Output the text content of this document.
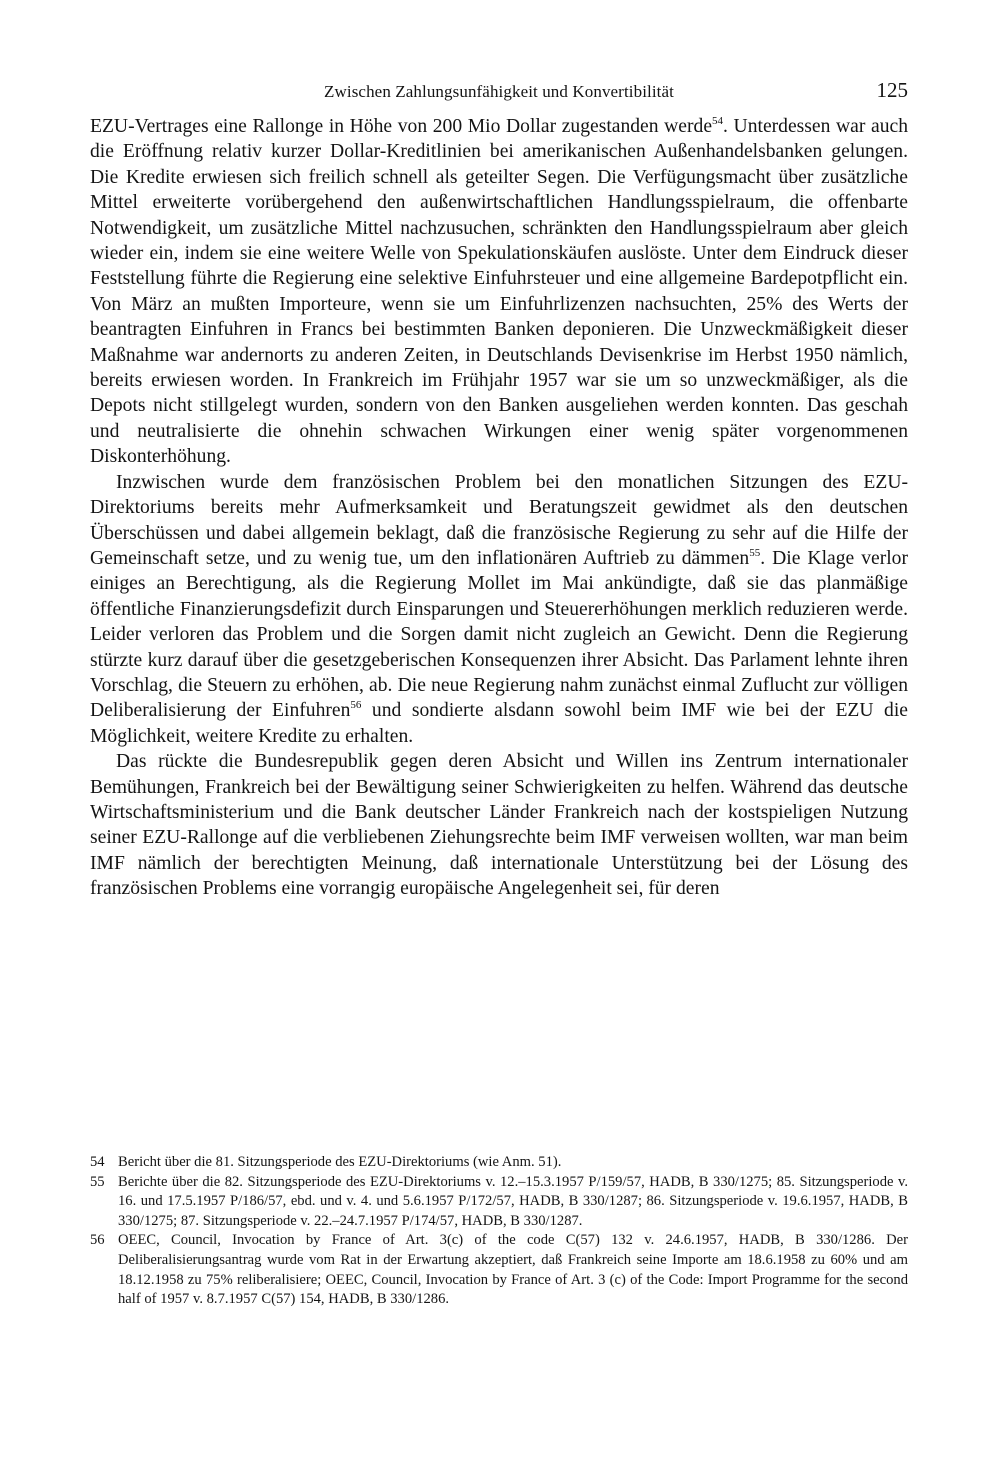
Zwischen Zahlungsunfähigkeit und Konvertibilität	125

EZU-Vertrages eine Rallonge in Höhe von 200 Mio Dollar zugestanden werde$^{54}$. Unterdessen war auch die Eröffnung relativ kurzer Dollar-Kreditlinien bei amerikanischen Außenhandelsbanken gelungen. Die Kredite erwiesen sich freilich schnell als geteilter Segen. Die Verfügungsmacht über zusätzliche Mittel erweiterte vorübergehend den außenwirtschaftlichen Handlungsspielraum, die offenbarte Notwendigkeit, um zusätzliche Mittel nachzusuchen, schränkten den Handlungsspielraum aber gleich wieder ein, indem sie eine weitere Welle von Spekulationskäufen auslöste. Unter dem Eindruck dieser Feststellung führte die Regierung eine selektive Einfuhrsteuer und eine allgemeine Bardepotpflicht ein. Von März an mußten Importeure, wenn sie um Einfuhrlizenzen nachsuchten, 25% des Werts der beantragten Einfuhren in Francs bei bestimmten Banken deponieren. Die Unzweckmäßigkeit dieser Maßnahme war andernorts zu anderen Zeiten, in Deutschlands Devisenkrise im Herbst 1950 nämlich, bereits erwiesen worden. In Frankreich im Frühjahr 1957 war sie um so unzweckmäßiger, als die Depots nicht stillgelegt wurden, sondern von den Banken ausgeliehen werden konnten. Das geschah und neutralisierte die ohnehin schwachen Wirkungen einer wenig später vorgenommenen Diskonterhöhung.

Inzwischen wurde dem französischen Problem bei den monatlichen Sitzungen des EZU-Direktoriums bereits mehr Aufmerksamkeit und Beratungszeit gewidmet als den deutschen Überschüssen und dabei allgemein beklagt, daß die französische Regierung zu sehr auf die Hilfe der Gemeinschaft setze, und zu wenig tue, um den inflationären Auftrieb zu dämmen$^{55}$. Die Klage verlor einiges an Berechtigung, als die Regierung Mollet im Mai ankündigte, daß sie das planmäßige öffentliche Finanzierungsdefizit durch Einsparungen und Steuererhöhungen merklich reduzieren werde. Leider verloren das Problem und die Sorgen damit nicht zugleich an Gewicht. Denn die Regierung stürzte kurz darauf über die gesetzgeberischen Konsequenzen ihrer Absicht. Das Parlament lehnte ihren Vorschlag, die Steuern zu erhöhen, ab. Die neue Regierung nahm zunächst einmal Zuflucht zur völligen Deliberalisierung der Einfuhren$^{56}$ und sondierte alsdann sowohl beim IMF wie bei der EZU die Möglichkeit, weitere Kredite zu erhalten.

Das rückte die Bundesrepublik gegen deren Absicht und Willen ins Zentrum internationaler Bemühungen, Frankreich bei der Bewältigung seiner Schwierigkeiten zu helfen. Während das deutsche Wirtschaftsministerium und die Bank deutscher Länder Frankreich nach der kostspieligen Nutzung seiner EZU-Rallonge auf die verbliebenen Ziehungsrechte beim IMF verweisen wollten, war man beim IMF nämlich der berechtigten Meinung, daß internationale Unterstützung bei der Lösung des französischen Problems eine vorrangig europäische Angelegenheit sei, für deren

54 Bericht über die 81. Sitzungsperiode des EZU-Direktoriums (wie Anm. 51).
55 Berichte über die 82. Sitzungsperiode des EZU-Direktoriums v. 12.–15.3.1957 P/159/57, HADB, B 330/1275; 85. Sitzungsperiode v. 16. und 17.5.1957 P/186/57, ebd. und v. 4. und 5.6.1957 P/172/57, HADB, B 330/1287; 86. Sitzungsperiode v. 19.6.1957, HADB, B 330/1275; 87. Sitzungsperiode v. 22.–24.7.1957 P/174/57, HADB, B 330/1287.
56 OEEC, Council, Invocation by France of Art. 3(c) of the code C(57) 132 v. 24.6.1957, HADB, B 330/1286. Der Deliberalisierungsantrag wurde vom Rat in der Erwartung akzeptiert, daß Frankreich seine Importe am 18.6.1958 zu 60% und am 18.12.1958 zu 75% reliberalisiere; OEEC, Council, Invocation by France of Art. 3 (c) of the Code: Import Programme for the second half of 1957 v. 8.7.1957 C(57) 154, HADB, B 330/1286.
